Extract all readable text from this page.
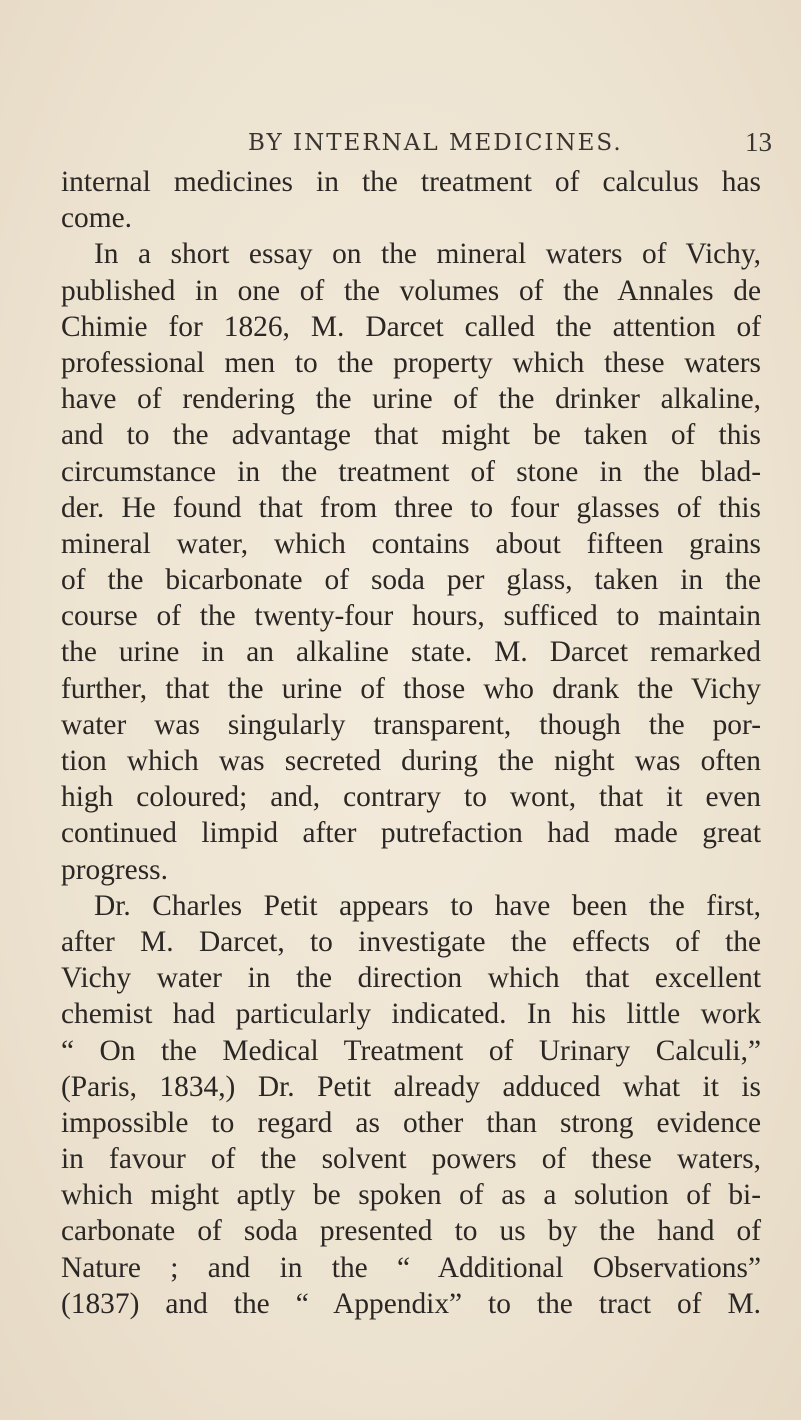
BY INTERNAL MEDICINES.	13
internal medicines in the treatment of calculus has
come.
In a short essay on the mineral waters of Vichy,
published in one of the volumes of the Annales de
Chimie for 1826, M. Darcet called the attention of
professional men to the property which these waters
have of rendering the urine of the drinker alkaline,
and to the advantage that might be taken of this
circumstance in the treatment of stone in the blad-
der. He found that from three to four glasses of this
mineral water, which contains about fifteen grains
of the bicarbonate of soda per glass, taken in the
course of the twenty-four hours, sufficed to maintain
the urine in an alkaline state. M. Darcet remarked
further, that the urine of those who drank the Vichy
water was singularly transparent, though the por-
tion which was secreted during the night was often
high coloured; and, contrary to wont, that it even
continued limpid after putrefaction had made great
progress.
Dr. Charles Petit appears to have been the first,
after M. Darcet, to investigate the effects of the
Vichy water in the direction which that excellent
chemist had particularly indicated. In his little work
“ On the Medical Treatment of Urinary Calculi,”
(Paris, 1834,) Dr. Petit already adduced what it is
impossible to regard as other than strong evidence
in favour of the solvent powers of these waters,
which might aptly be spoken of as a solution of bi-
carbonate of soda presented to us by the hand of
Nature ; and in the “ Additional Observations”
(1837) and the “ Appendix” to the tract of M.
